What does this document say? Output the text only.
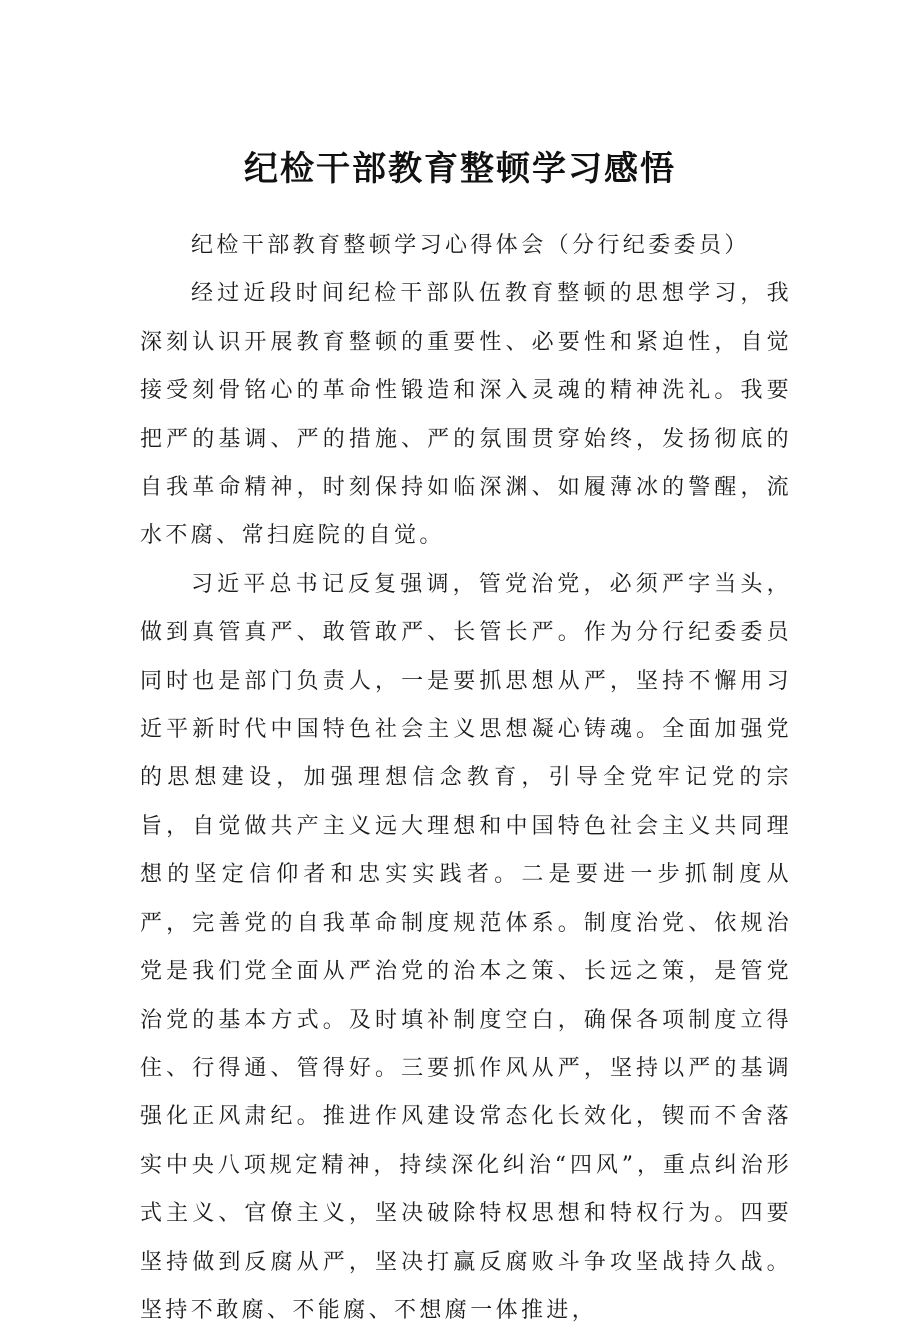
纪检干部教育整顿学习感悟

纪检干部教育整顿学习心得体会（分行纪委委员）

经过近段时间纪检干部队伍教育整顿的思想学习，我深刻认识开展教育整顿的重要性、必要性和紧迫性，自觉接受刻骨铭心的革命性锻造和深入灵魂的精神洗礼。我要把严的基调、严的措施、严的氛围贯穿始终，发扬彻底的自我革命精神，时刻保持如临深渊、如履薄冰的警醒，流水不腐、常扫庭院的自觉。

习近平总书记反复强调，管党治党，必须严字当头，做到真管真严、敢管敢严、长管长严。作为分行纪委委员同时也是部门负责人，一是要抓思想从严，坚持不懈用习近平新时代中国特色社会主义思想凝心铸魂。全面加强党的思想建设，加强理想信念教育，引导全党牢记党的宗旨，自觉做共产主义远大理想和中国特色社会主义共同理想的坚定信仰者和忠实实践者。二是要进一步抓制度从严，完善党的自我革命制度规范体系。制度治党、依规治党是我们党全面从严治党的治本之策、长远之策，是管党治党的基本方式。及时填补制度空白，确保各项制度立得住、行得通、管得好。三要抓作风从严，坚持以严的基调强化正风肃纪。推进作风建设常态化长效化，锲而不舍落实中央八项规定精神，持续深化纠治“四风”，重点纠治形式主义、官僚主义，坚决破除特权思想和特权行为。四要坚持做到反腐从严，坚决打赢反腐败斗争攻坚战持久战。坚持不敢腐、不能腐、不想腐一体推进，
